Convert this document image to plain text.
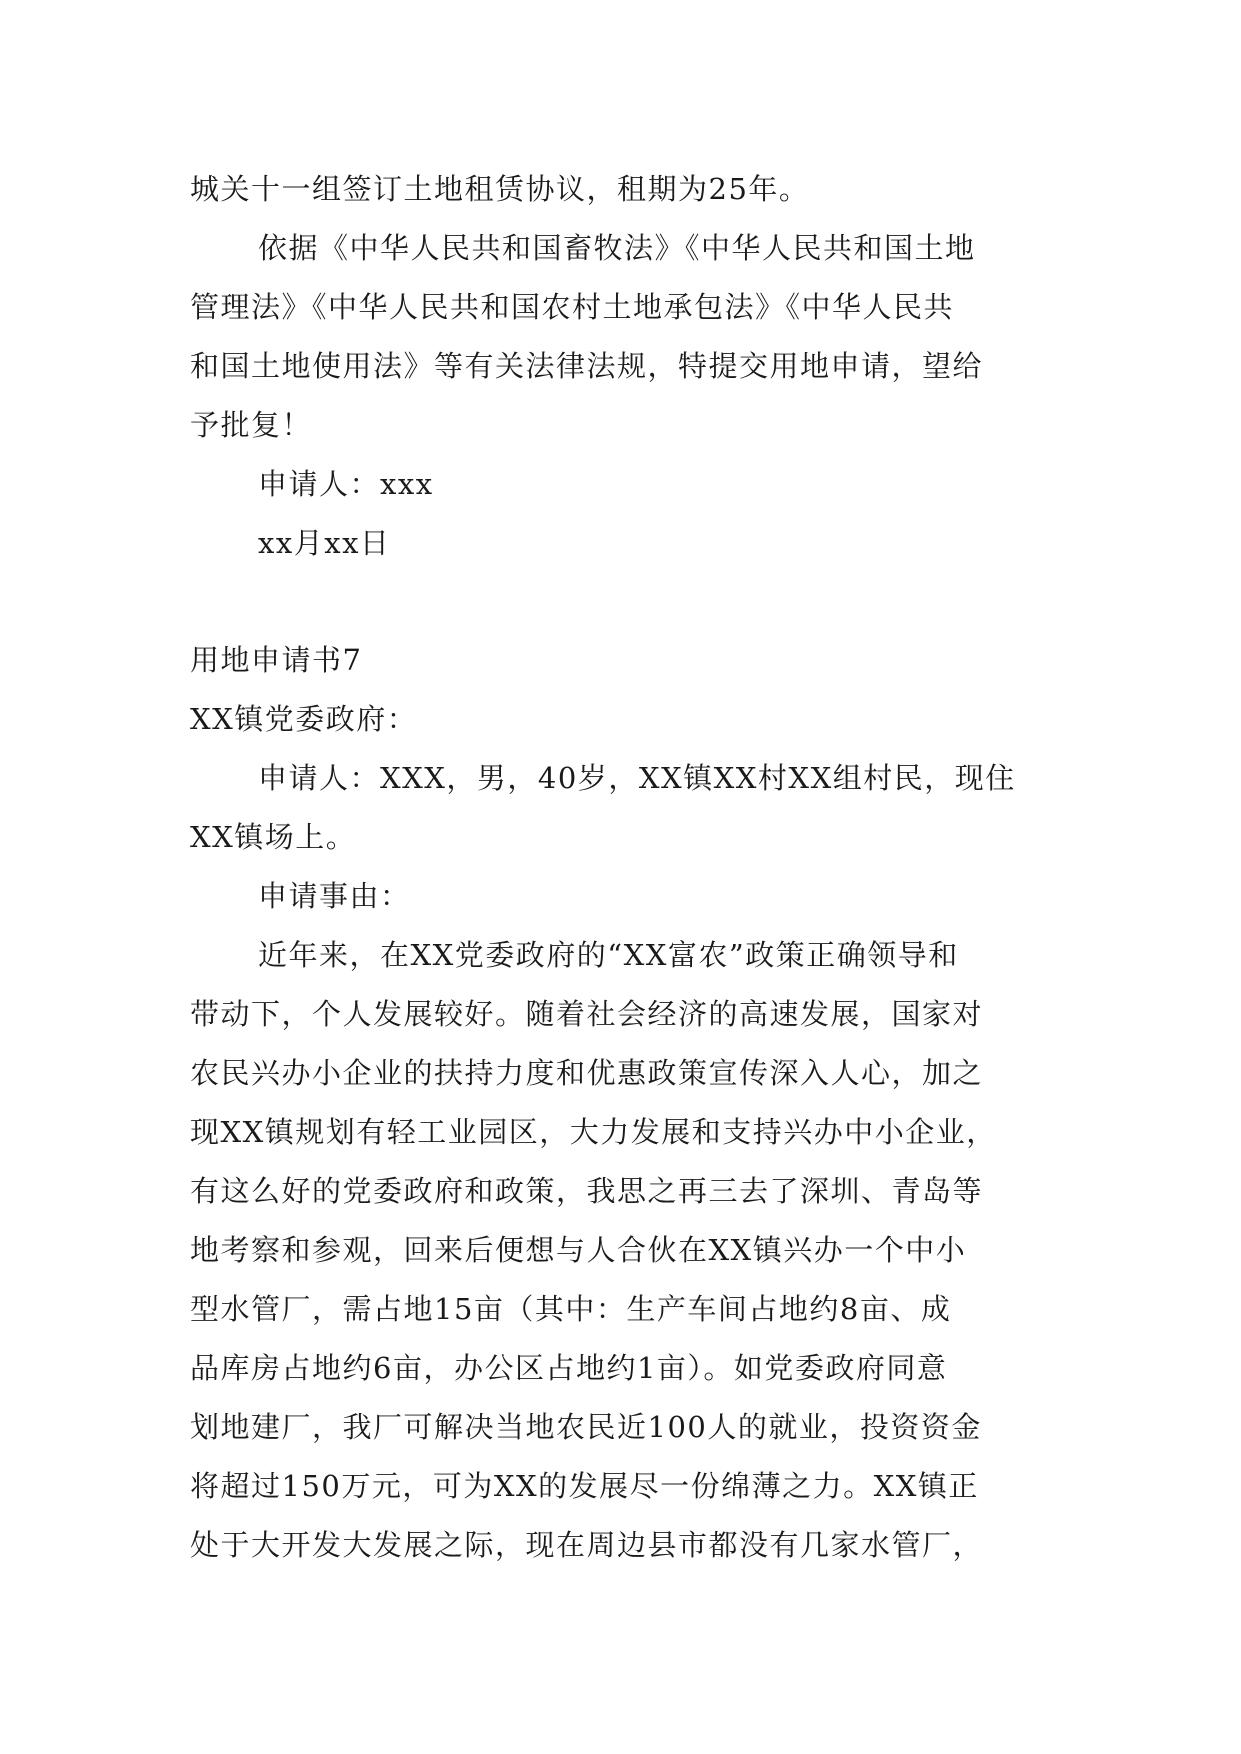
城关十一组签订土地租赁协议，租期为25年。
依据《中华人民共和国畜牧法》《中华人民共和国土地
管理法》《中华人民共和国农村土地承包法》《中华人民共
和国土地使用法》等有关法律法规，特提交用地申请，望给
予批复！
申请人：xxx
xx月xx日
用地申请书7
XX镇党委政府：
申请人：XXX，男，40岁，XX镇XX村XX组村民，现住
XX镇场上。
申请事由：
近年来，在XX党委政府的“XX富农”政策正确领导和
带动下，个人发展较好。随着社会经济的高速发展，国家对
农民兴办小企业的扶持力度和优惠政策宣传深入人心，加之
现XX镇规划有轻工业园区，大力发展和支持兴办中小企业，
有这么好的党委政府和政策，我思之再三去了深圳、青岛等
地考察和参观，回来后便想与人合伙在XX镇兴办一个中小
型水管厂，需占地15亩（其中：生产车间占地约8亩、成
品库房占地约6亩，办公区占地约1亩）。如党委政府同意
划地建厂，我厂可解决当地农民近100人的就业，投资资金
将超过150万元，可为XX的发展尽一份绵薄之力。XX镇正
处于大开发大发展之际，现在周边县市都没有几家水管厂，
